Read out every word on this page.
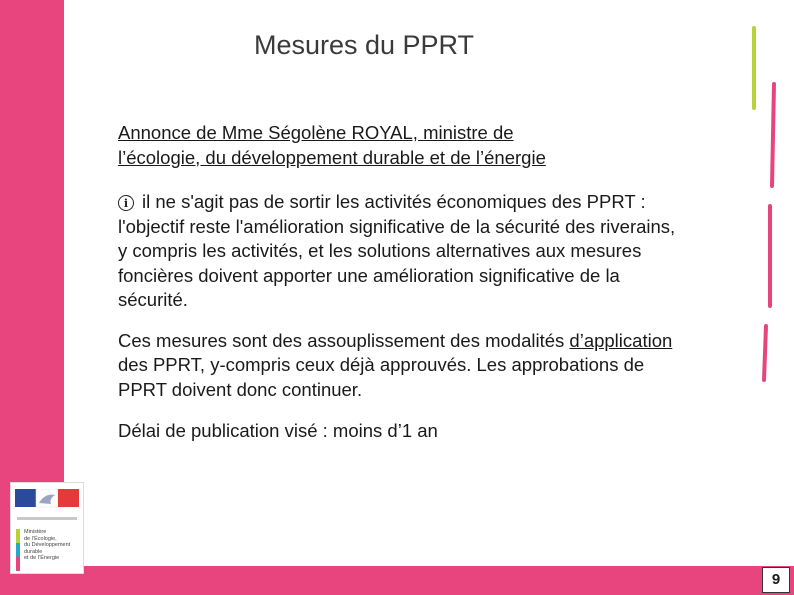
Mesures du PPRT

Annonce de Mme Ségolène ROYAL, ministre de
l’écologie, du développement durable et de l’énergie

i il ne s'agit pas de sortir les activités économiques des PPRT : l'objectif reste l'amélioration significative de la sécurité des riverains, y compris les activités, et les solutions alternatives aux mesures foncières doivent apporter une amélioration significative de la sécurité.

Ces mesures sont des assouplissement des modalités d’application des PPRT, y-compris ceux déjà approuvés. Les approbations de PPRT doivent donc continuer.

Délai de publication visé : moins d’1 an

Ministère
de l’Écologie,
du Développement
durable
et de l’Énergie
9
